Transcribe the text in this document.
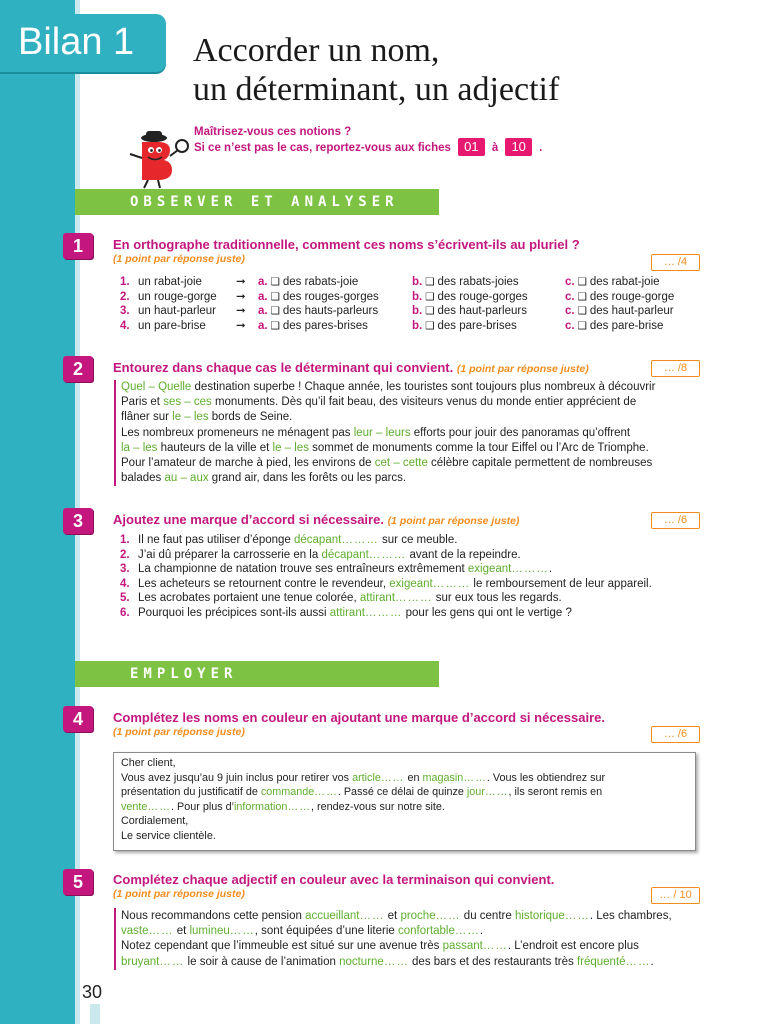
Bilan 1 Accorder un nom,
un déterminant, un adjectif
Maîtrisez-vous ces notions ?
Si ce n’est pas le cas, reportez-vous aux fiches 01 à 10 .
OBSERVER ET ANALYSER
1	En orthographe traditionnelle, comment ces noms s’écrivent-ils au pluriel ?
(1 point par réponse juste)	… /4
1. un rabat-joie	➞ a. ❑ des rabats-joie	b. ❑ des rabats-joies	c. ❑ des rabat-joie
2. un rouge-gorge ➞ a. ❑ des rouges-gorges	b. ❑ des rouge-gorges	c. ❑ des rouge-gorge
3. un haut-parleur ➞ a. ❑ des hauts-parleurs	b. ❑ des haut-parleurs	c. ❑ des haut-parleur
4. un pare-brise	➞ a. ❑ des pares-brises	b. ❑ des pare-brises	c. ❑ des pare-brise
2	Entourez dans chaque cas le déterminant qui convient. (1 point par réponse juste)	… /8
Quel – Quelle destination superbe ! Chaque année, les touristes sont toujours plus nombreux à découvrir
Paris et ses – ces monuments. Dès qu’il fait beau, des visiteurs venus du monde entier apprécient de
flâner sur le – les bords de Seine.
Les nombreux promeneurs ne ménagent pas leur – leurs efforts pour jouir des panoramas qu’offrent
la – les hauteurs de la ville et le – les sommet de monuments comme la tour Eiffel ou l’Arc de Triomphe.
Pour l’amateur de marche à pied, les environs de cet – cette célèbre capitale permettent de nombreuses
balades au – aux grand air, dans les forêts ou les parcs.
3	Ajoutez une marque d’accord si nécessaire. (1 point par réponse juste)	… /6
1. Il ne faut pas utiliser d’éponge décapant……… sur ce meuble.
2. J’ai dû préparer la carrosserie en la décapant……… avant de la repeindre.
3. La championne de natation trouve ses entraîneurs extrêmement exigeant……….
4. Les acheteurs se retournent contre le revendeur, exigeant……… le remboursement de leur appareil.
5. Les acrobates portaient une tenue colorée, attirant……… sur eux tous les regards.
6. Pourquoi les précipices sont-ils aussi attirant……… pour les gens qui ont le vertige ?
EMPLOYER
4	Complétez les noms en couleur en ajoutant une marque d’accord si nécessaire.
(1 point par réponse juste)	… /6
Cher client,
Vous avez jusqu’au 9 juin inclus pour retirer vos article…… en magasin……. Vous les obtiendrez sur
présentation du justificatif de commande……. Passé ce délai de quinze jour……, ils seront remis en
vente……. Pour plus d’information……, rendez-vous sur notre site.
Cordialement,
Le service clientèle.
5	Complétez chaque adjectif en couleur avec la terminaison qui convient.
(1 point par réponse juste)	… / 10
Nous recommandons cette pension accueillant…… et proche…… du centre historique……. Les chambres,
vaste…… et lumineu……, sont équipées d’une literie confortable…….
Notez cependant que l’immeuble est situé sur une avenue très passant……. L’endroit est encore plus
bruyant…… le soir à cause de l’animation nocturne…… des bars et des restaurants très fréquenté…….
30
